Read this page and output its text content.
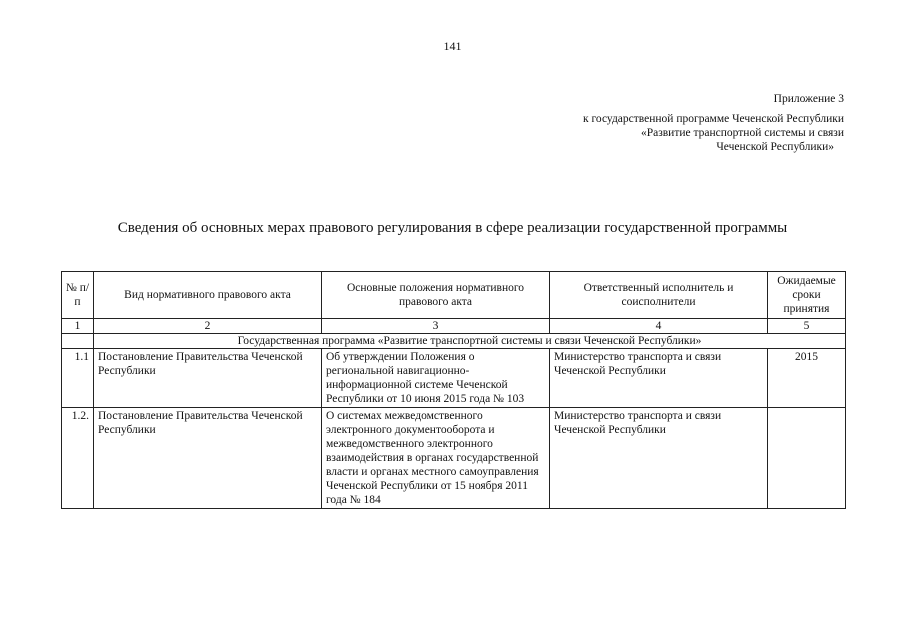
141
Приложение 3
к государственной программе Чеченской Республики
«Развитие транспортной системы и связи
Чеченской Республики»
Сведения об основных мерах правового регулирования в сфере реализации государственной программы
№ п/п	Вид нормативного правового акта	Основные положения нормативного правового акта	Ответственный исполнитель и соисполнители	Ожидаемые сроки принятия
1	2	3	4	5
	Государственная программа «Развитие транспортной системы и связи Чеченской Республики»			
1.1	Постановление Правительства Чеченской Республики	Об утверждении Положения о региональной навигационно-информационной системе Чеченской Республики от 10 июня 2015 года № 103	Министерство транспорта и связи Чеченской Республики	2015
1.2.	Постановление Правительства Чеченской Республики	О системах межведомственного электронного документооборота и межведомственного электронного взаимодействия в органах государственной власти и органах местного самоуправления Чеченской Республики от 15 ноября 2011 года № 184	Министерство транспорта и связи Чеченской Республики	
